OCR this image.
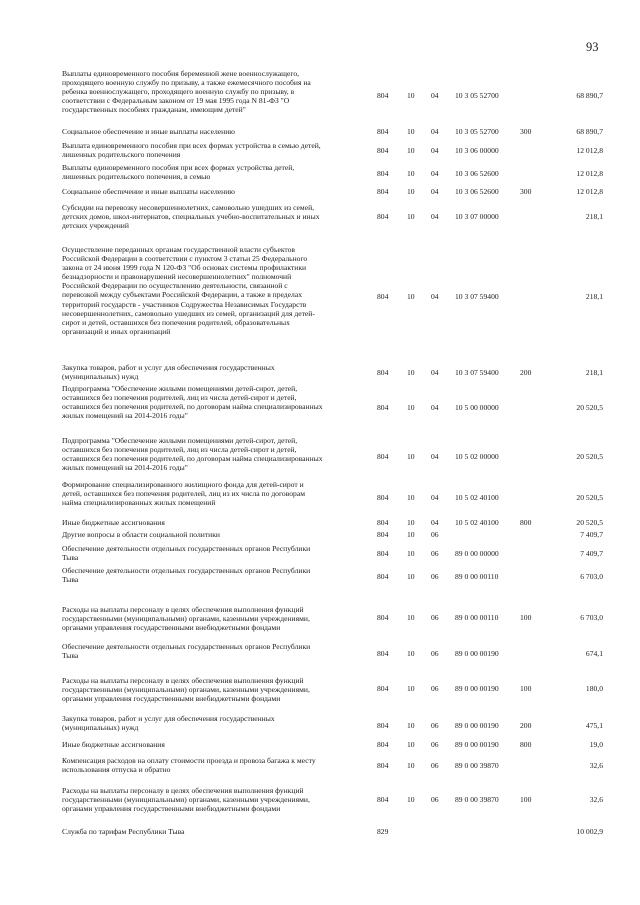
93
Выплаты единовременного пособия беременной жене военнослужащего,
проходящего военную службу по призыву, а также ежемесячного пособия на
ребенка военнослужащего, проходящего военную службу по призыву, в
соответствии с Федеральным законом от 19 мая 1995 года N 81-ФЗ "О
государственных пособиях гражданам, имеющим детей"
804 10 04 10 3 05 52700	68 890,7
Социальное обеспечение и иные выплаты населению	804 10 04 10 3 05 52700	300	68 890,7
Выплата единовременного пособия при всех формах устройства в семью детей,
лишенных родительского попечения	804 10 04 10 3 06 00000	12 012,8
Выплаты единовременного пособия при всех формах устройства детей,
лишенных родительского попечения, в семью	804 10 04 10 3 06 52600	12 012,8
Социальное обеспечение и иные выплаты населению	804 10 04 10 3 06 52600	300	12 012,8
Субсидии на перевозку несовершеннолетних, самовольно ушедших из семей,
детских домов, школ-интернатов, специальных учебно-воспитательных и иных
детских учреждений
804 10 04 10 3 07 00000	218,1
Осуществление переданных органам государственной власти субъектов
Российской Федерации в соответствии с пунктом 3 статьи 25 Федерального
закона от 24 июня 1999 года N 120-ФЗ "Об основах системы профилактики
безнадзорности и правонарушений несовершеннолетних" полномочий
Российской Федерации по осуществлению деятельности, связанной с
перевозкой между субъектами Российской Федерации, а также в пределах
территорий государств - участников Содружества Независимых Государств
несовершеннолетних, самовольно ушедших из семей, организаций для детей-
сирот и детей, оставшихся без попечения родителей, образовательных
организаций и иных организаций
804 10 04 10 3 07 59400	218,1
Закупка товаров, работ и услуг для обеспечения государственных
(муниципальных) нужд	804 10 04 10 3 07 59400	200	218,1
Подпрограмма "Обеспечение жилыми помещениями детей-сирот, детей,
оставшихся без попечения родителей, лиц из числа детей-сирот и детей,
оставшихся без попечения родителей, по договорам найма специализированных
жилых помещений на 2014-2016 годы"
804 10 04 10 5 00 00000	20 520,5
Подпрограмма "Обеспечение жилыми помещениями детей-сирот, детей,
оставшихся без попечения родителей, лиц из числа детей-сирот и детей,
оставшихся без попечения родителей, по договорам найма специализированных
жилых помещений на 2014-2016 годы"
804 10 04 10 5 02 00000	20 520,5
Формирование специализированного жилищного фонда для детей-сирот и
детей, оставшихся без попечения родителей, лиц из их числа по договорам
найма специализированных жилых помещений
804 10 04 10 5 02 40100	20 520,5
Иные бюджетные ассигнования	804 10 04 10 5 02 40100	800	20 520,5
Другие вопросы в области социальной политики	804 10 06	7 409,7
Обеспечение деятельности отдельных государственных органов Республики
Тыва	804 10 06 89 0 00 00000	7 409,7
Обеспечение деятельности отдельных государственных органов Республики
Тыва	804 10 06 89 0 00 00110	6 703,0
Расходы на выплаты персоналу в целях обеспечения выполнения функций
государственными (муниципальными) органами, казенными учреждениями,
органами управления государственными внебюджетными фондами
804 10 06 89 0 00 00110	100	6 703,0
Обеспечение деятельности отдельных государственных органов Республики
Тыва	804 10 06 89 0 00 00190	674,1
Расходы на выплаты персоналу в целях обеспечения выполнения функций
государственными (муниципальными) органами, казенными учреждениями,
органами управления государственными внебюджетными фондами
804 10 06 89 0 00 00190	100	180,0
Закупка товаров, работ и услуг для обеспечения государственных
(муниципальных) нужд	804 10 06 89 0 00 00190	200	475,1
Иные бюджетные ассигнования	804 10 06 89 0 00 00190	800	19,0
Компенсация расходов на оплату стоимости проезда и провоза багажа к месту
использования отпуска и обратно	804 10 06 89 0 00 39870	32,6
Расходы на выплаты персоналу в целях обеспечения выполнения функций
государственными (муниципальными) органами, казенными учреждениями,
органами управления государственными внебюджетными фондами
804 10 06 89 0 00 39870	100	32,6
Служба по тарифам Республики Тыва	829	10 002,9
